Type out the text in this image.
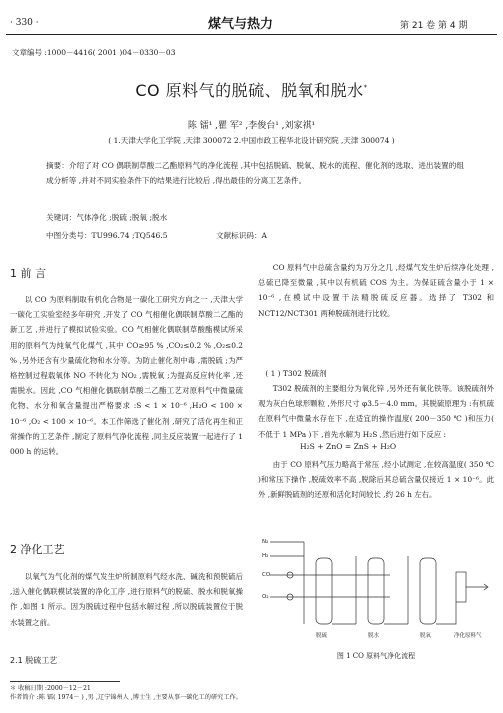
· 330 ·	煤气与热力	第 21 卷 第 4 期
文章编号 :1000－4416( 2001 )04－0330－03
CO 原料气的脱硫、脱氧和脱水*
陈 镭¹ ,瞿 军² ,李俊台¹ ,刘家祺¹
( 1.天津大学化工学院 ,天津 300072 2.中国市政工程华北设计研究院 ,天津 300074 )
摘要：介绍了对 CO 偶联制草酸二乙酯原料气的净化流程 ,其中包括脱硫、脱氧、脱水的流程、催化剂的选取、进出装置的组成分析等 ,并对不同实验条件下的结果进行比较后 ,得出最佳的分离工艺条件。
关键词：气体净化 ;脱硫 ;脱氧 ;脱水
中图分类号：TU996.74 ;TQ546.5	文献标识码：A
1 前 言
以 CO 为原料制取有机化合物是一碳化工研究方向之一 ,天津大学一碳化工实验室经多年研究 ,开发了 CO 气相催化偶联制草酸二乙酯的新工艺 ,并进行了模拟试验实验。CO 气相催化偶联制草酸酯模试所采用的原料气为纯氧气化煤气 ,其中 CO≥95 % ,CO₂≤0.2 % ,O₂≤0.2 % ,另外还含有少量硫化物和水分等。为防止催化剂中毒 ,需脱硫 ;为严格控制过程载氧体 NO 不转化为 NO₂ ,需脱氧 ;为提高反应转化率 ,还需脱水。因此 ,CO 气相催化偶联制草酸二乙酯工艺对原料气中微量硫化物、水分和氧含量提出严格要求 :S < 1 × 10⁻⁶ ,H₂O < 100 × 10⁻⁶ ,O₂ < 100 × 10⁻⁶。本工作筛选了催化剂 ,研究了活化再生和正常操作的工艺条件 ,制定了原料气净化流程 ,同主反应装置一起进行了 1 000 h 的运转。
2 净化工艺
以氧气为气化剂的煤气发生炉所制原料气经水洗、碱洗和预脱硫后 ,送入催化偶联模试装置的净化工序 ,进行原料气的脱硫、脱水和脱氧操作 ,如图 1 所示。因为脱硫过程中包括水解过程 ,所以脱硫装置位于脱水装置之前。
2.1 脱硫工艺
CO 原料气中总硫含量约为万分之几 ,经煤气发生炉后续净化处理 ,总硫已降至微量 ,其中以有机硫 COS 为主。为保证硫含量小于 1 × 10⁻⁶ ,在模试中设置干法精脱硫反应器。选择了 T302 和 NCT12/NCT301 两种脱硫剂进行比较。
( 1 ) T302 脱硫剂
T302 脱硫剂的主要组分为氧化锌 ,另外还有氧化铁等。该脱硫剂外观为灰白色球形颗粒 ,外形尺寸 φ3.5－4.0 mm。其脱硫原理为 :有机硫在原料气中微量水存在下 ,在适宜的操作温度( 200－350 ℃ )和压力( 不低于 1 MPa )下 ,首先水解为 H₂S ,然后进行如下反应 :
H₂S + ZnO = ZnS + H₂O
由于 CO 原料气压力略高于常压 ,经小试测定 ,在较高温度( 350 ℃ )和常压下操作 ,脱硫效率不高 ,脱除后其总硫含量仅接近 1 × 10⁻⁶。此外 ,新鲜脱硫剂的还原和活化时间较长 ,约 26 h 左右。
N₂
H₂
CO
O₂
脱硫	脱水	脱氧	净化原料气
图 1 CO 原料气净化流程
＊ 收稿日期 :2000－12－21
作者简介 :陈 镭( 1974－ ) ,男 ,辽宁锦州人 ,博士生 ,主要从事一碳化工的研究工作。
